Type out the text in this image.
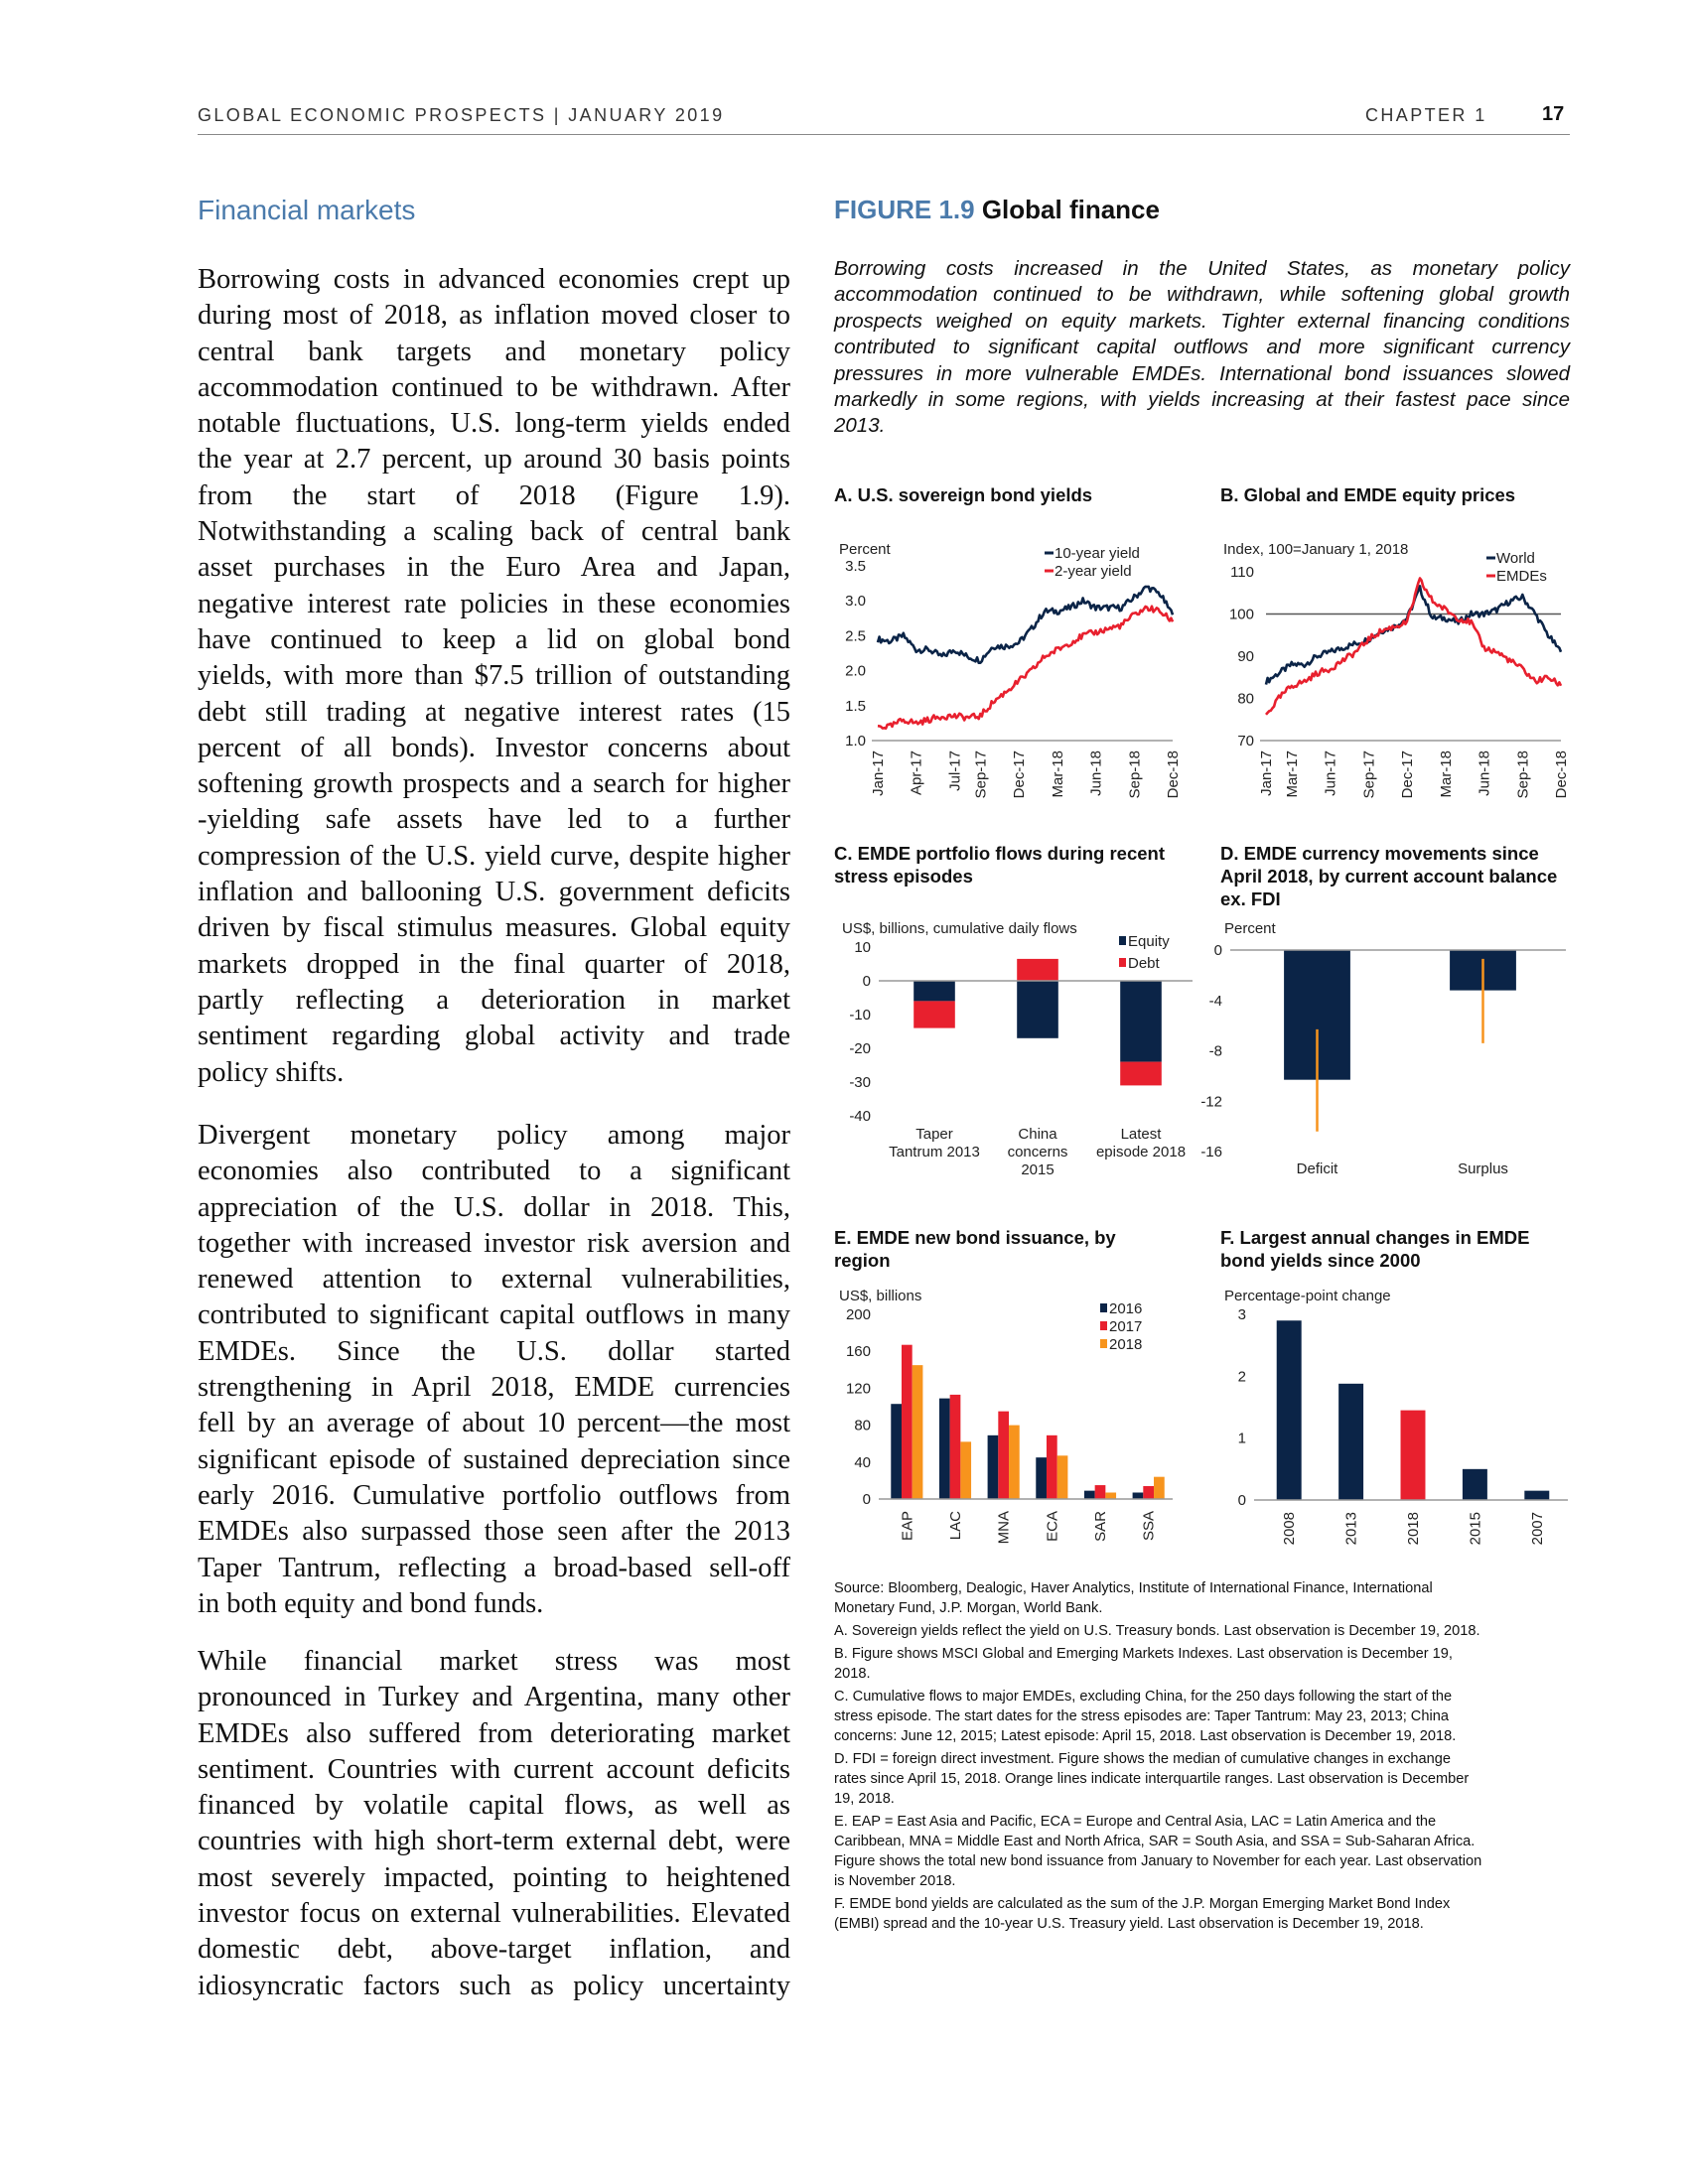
GLOBAL ECONOMIC PROSPECTS | JANUARY 2019	CHAPTER 1	17
Financial markets
Borrowing costs in advanced economies crept up
during most of 2018, as inflation moved closer to
central bank targets and monetary policy
accommodation continued to be withdrawn. After
notable fluctuations, U.S. long-term yields ended
the year at 2.7 percent, up around 30 basis points
from the start of 2018 (Figure 1.9).
Notwithstanding a scaling back of central bank
asset purchases in the Euro Area and Japan,
negative interest rate policies in these economies
have continued to keep a lid on global bond
yields, with more than $7.5 trillion of outstanding
debt still trading at negative interest rates (15
percent of all bonds). Investor concerns about
softening growth prospects and a search for higher
-yielding safe assets have led to a further
compression of the U.S. yield curve, despite higher
inflation and ballooning U.S. government deficits
driven by fiscal stimulus measures. Global equity
markets dropped in the final quarter of 2018,
partly reflecting a deterioration in market
sentiment regarding global activity and trade
policy shifts.
Divergent monetary policy among major
economies also contributed to a significant
appreciation of the U.S. dollar in 2018. This,
together with increased investor risk aversion and
renewed attention to external vulnerabilities,
contributed to significant capital outflows in many
EMDEs. Since the U.S. dollar started
strengthening in April 2018, EMDE currencies
fell by an average of about 10 percent—the most
significant episode of sustained depreciation since
early 2016. Cumulative portfolio outflows from
EMDEs also surpassed those seen after the 2013
Taper Tantrum, reflecting a broad-based sell-off
in both equity and bond funds.
While financial market stress was most
pronounced in Turkey and Argentina, many other
EMDEs also suffered from deteriorating market
sentiment. Countries with current account deficits
financed by volatile capital flows, as well as
countries with high short-term external debt, were
most severely impacted, pointing to heightened
investor focus on external vulnerabilities. Elevated
domestic debt, above-target inflation, and
idiosyncratic factors such as policy uncertainty
FIGURE 1.9 Global finance
Borrowing costs increased in the United States, as monetary policy
accommodation continued to be withdrawn, while softening global growth
prospects weighed on equity markets. Tighter external financing conditions
contributed to significant capital outflows and more significant currency
pressures in more vulnerable EMDEs. International bond issuances slowed
markedly in some regions, with yields increasing at their fastest pace since
2013.
A. U.S. sovereign bond yields	B. Global and EMDE equity prices
C. EMDE portfolio flows during recent stress episodes
D. EMDE currency movements since April 2018, by current account balance ex. FDI
E. EMDE new bond issuance, by region
F. Largest annual changes in EMDE bond yields since 2000
Percent
1.0
1.5
2.0
2.5
3.0
3.5
10-year yield
2-year yield
Jan-17 Apr-17 Jul-17 Sep-17 Dec-17 Mar-18 Jun-18 Sep-18 Dec-18
Index, 100=January 1, 2018
70
80
90
100
110
World
EMDEs
Jan-17 Mar-17 Jun-17 Sep-17 Dec-17 Mar-18 Jun-18 Sep-18 Dec-18
US$, billions, cumulative daily flows
-40
-30
-20
-10
0
10
Taper
Tantrum 2013
China
concerns
2015
Latest
episode 2018
Equity
Debt
Percent
-16
-12
-8
-4
0
Deficit	Surplus
US$, billions
0
40
80
120
160
200
EAP LAC MNA ECA SAR SSA
2016
2017
2018
Percentage-point change
0
1
2
3
2008	2013	2018	2015	2007
Source: Bloomberg, Dealogic, Haver Analytics, Institute of International Finance, International
Monetary Fund, J.P. Morgan, World Bank.
A. Sovereign yields reflect the yield on U.S. Treasury bonds. Last observation is December 19, 2018.
B. Figure shows MSCI Global and Emerging Markets Indexes. Last observation is December 19,
2018.
C. Cumulative flows to major EMDEs, excluding China, for the 250 days following the start of the
stress episode. The start dates for the stress episodes are: Taper Tantrum: May 23, 2013; China
concerns: June 12, 2015; Latest episode: April 15, 2018. Last observation is December 19, 2018.
D. FDI = foreign direct investment. Figure shows the median of cumulative changes in exchange
rates since April 15, 2018. Orange lines indicate interquartile ranges. Last observation is December
19, 2018.
E. EAP = East Asia and Pacific, ECA = Europe and Central Asia, LAC = Latin America and the
Caribbean, MNA = Middle East and North Africa, SAR = South Asia, and SSA = Sub-Saharan Africa.
Figure shows the total new bond issuance from January to November for each year. Last observation
is November 2018.
F. EMDE bond yields are calculated as the sum of the J.P. Morgan Emerging Market Bond Index
(EMBI) spread and the 10-year U.S. Treasury yield. Last observation is December 19, 2018.
